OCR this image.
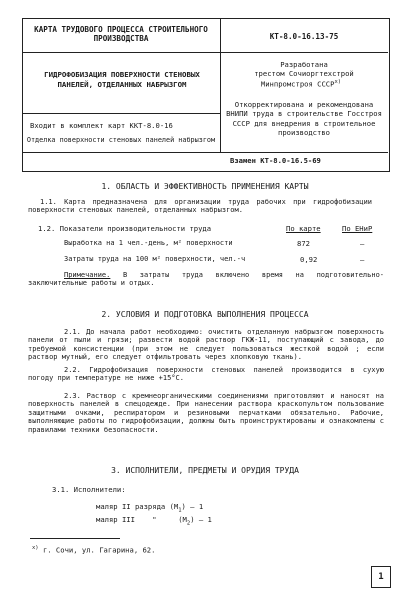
КАРТА ТРУДОВОГО ПРОЦЕССА СТРОИТЕЛЬНОГО ПРОИЗВОДСТВА	КТ-8.0-16.13-75
ГИДРОФОБИЗАЦИЯ ПОВЕРХНОСТИ СТЕНОВЫХ ПАНЕЛЕЙ, ОТДЕЛАННЫХ НАБРЫЗГОМ
Разработана
трестом Сочиоргтехстрой
Минпромстроя $СССР^{х)}$
Откорректирована и рекомендована ВНИПИ труда в строительстве Госстроя СССР для внедрения в строительное производство
Входит в комплект карт ККТ-8.0-16
Отделка поверхности стеновых панелей набрызгом
Взамен КТ-8.0-16.5-69
1. ОБЛАСТЬ И ЭФФЕКТИВНОСТЬ ПРИМЕНЕНИЯ КАРТЫ
1.1. Карта предназначена для организации труда рабочих при гидрофобизации поверхности стеновых панелей, отделанных набрызгом.
1.2. Показатели производительности труда	По карте	По ЕНиР
Выработка на 1 чел.-день, м² поверхности	872	–
Затраты труда на 100 м² поверхности, чел.-ч	0,92	–
Примечание. В затраты труда включено время на подготовительно-заключительные работы и отдых.
2. УСЛОВИЯ И ПОДГОТОВКА ВЫПОЛНЕНИЯ ПРОЦЕССА
2.1. До начала работ необходимо: очистить отделанную набрызгом поверхность панели от пыли и грязи; развести водой раствор ГКЖ-11, поступающий с завода, до требуемой консистенции (при этом не следует пользоваться жесткой водой ; если раствор мутный, его следует отфильтровать через хлопковую ткань).
2.2. Гидрофобизация поверхности стеновых панелей производится в сухую погоду при температуре не ниже +15°С.
2.3. Раствор с кремнеорганическими соединениями приготовляют и наносят на поверхность панелей в спецодежде. При нанесении раствора краскопультом пользование защитными очками, респиратором и резиновыми перчатками обязательно. Рабочие, выполняющие работы по гидрофобизации, должны быть проинструктированы и ознакомлены с правилами техники безопасности.
3. ИСПОЛНИТЕЛИ, ПРЕДМЕТЫ И ОРУДИЯ ТРУДА
3.1. Исполнители:
маляр II разряда $(М_1) - 1$
маляр III    "     $(М_2) - 1$
$^{х)}$ г. Сочи, ул. Гагарина, 62.
1
